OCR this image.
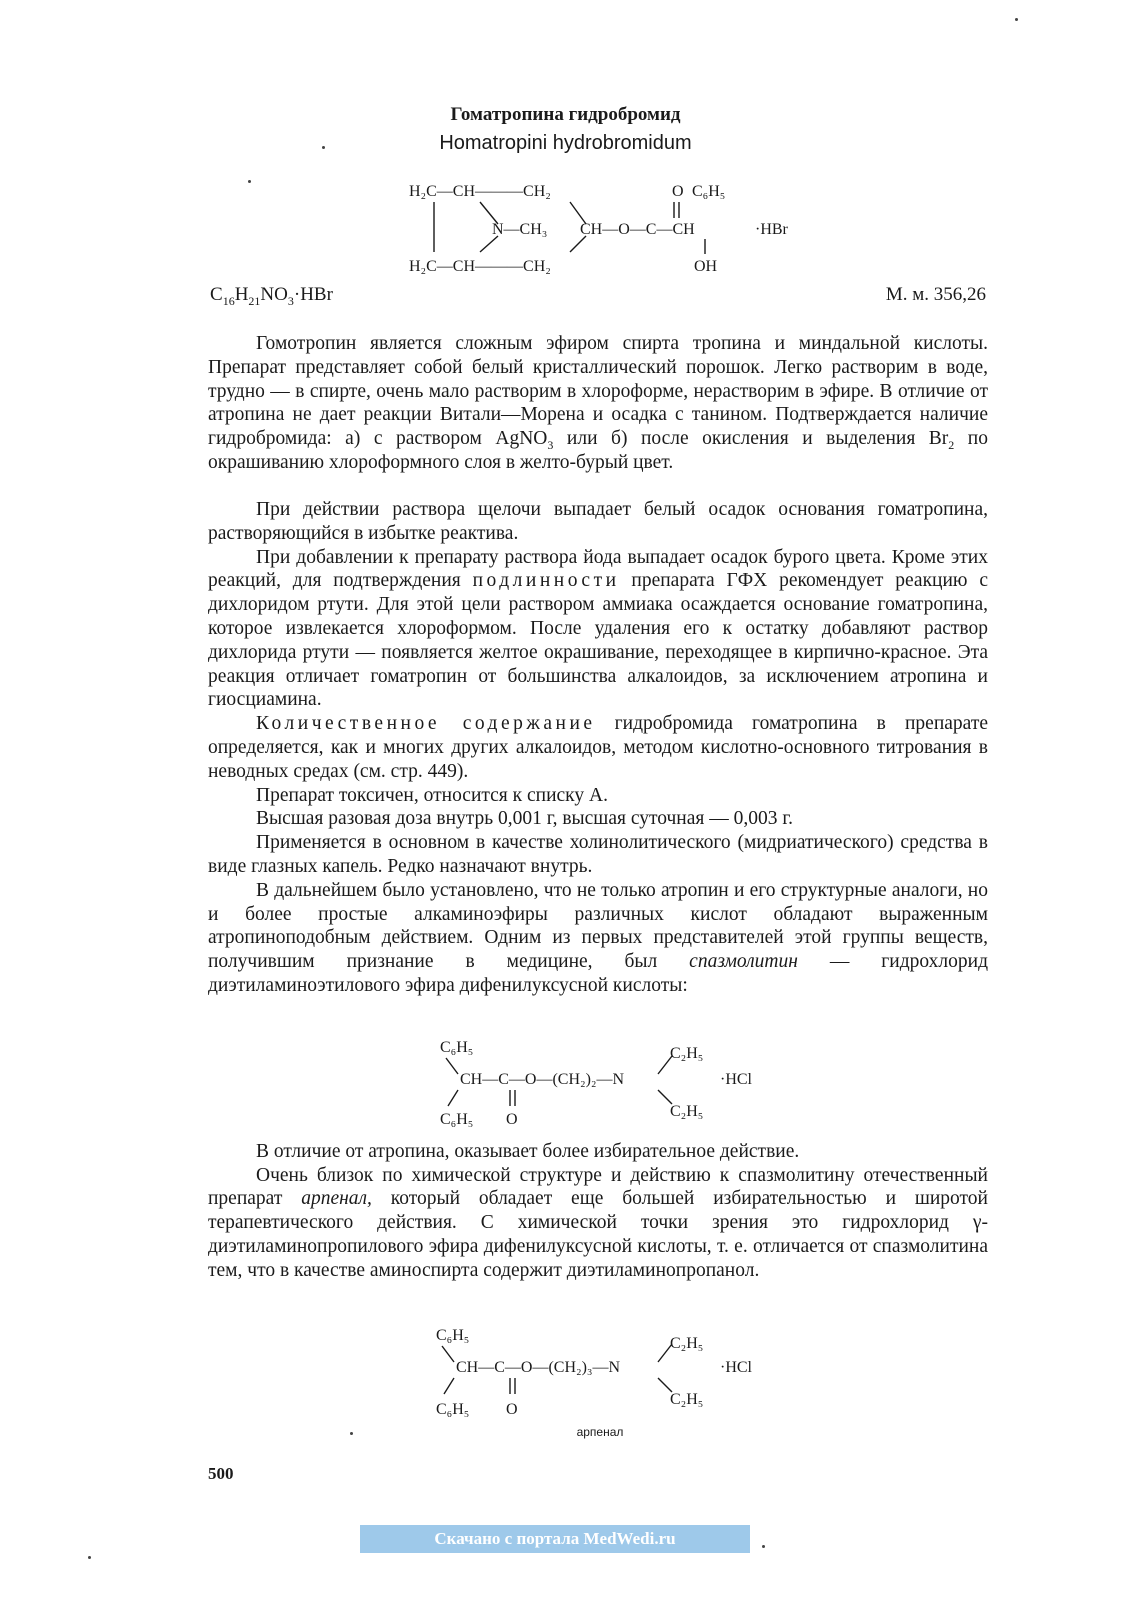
Гоматропина гидробромид
Homatropini hydrobromidum
H₂C—CH———CH₂	O C₆H₅
N—CH₃ CH—O—C—CH	·HBr
H₂C—CH———CH₂	OH
$C_{16}H_{21}NO_3\cdot HBr$	М. м. 356,26

Гомотропин является сложным эфиром спирта тропина и миндальной кислоты. Препарат представляет собой белый кристаллический порошок. Легко растворим в воде, трудно — в спирте, очень мало растворим в хлороформе, нерастворим в эфире. В отличие от атропина не дает реакции Витали—Морена и осадка с танином. Подтверждается наличие гидробромида: а) с раствором AgNO$_3$ или б) после окисления и выделения $Br_2$ по окрашиванию хлороформного слоя в желто-бурый цвет.

При действии раствора щелочи выпадает белый осадок основания гоматропина, растворяющийся в избытке реактива.

При добавлении к препарату раствора йода выпадает осадок бурого цвета. Кроме этих реакций, для подтверждения подлинности препарата ГФХ рекомендует реакцию с дихлоридом ртути. Для этой цели раствором аммиака осаждается основание гоматропина, которое извлекается хлороформом. После удаления его к остатку добавляют раствор дихлорида ртути — появляется желтое окрашивание, переходящее в кирпично-красное. Эта реакция отличает гоматропин от большинства алкалоидов, за исключением атропина и гиосциамина.

Количественное содержание гидробромида гоматропина в препарате определяется, как и многих других алкалоидов, методом кислотно-основного титрования в неводных средах (см. стр. 449).

Препарат токсичен, относится к списку А.

Высшая разовая доза внутрь 0,001 г, высшая суточная — 0,003 г.

Применяется в основном в качестве холинолитического (мидриатического) средства в виде глазных капель. Редко назначают внутрь.

В дальнейшем было установлено, что не только атропин и его структурные аналоги, но и более простые алкаминоэфиры различных кислот обладают выраженным атропиноподобным действием. Одним из первых представителей этой группы веществ, получившим признание в медицине, был спазмолитин — гидрохлорид диэтиламиноэтилового эфира дифенилуксусной кислоты:

В отличие от атропина, оказывает более избирательное действие.

Очень близок по химической структуре и действию к спазмолитину отечественный препарат арпенал, который обладает еще большей избирательностью и широтой терапевтического действия. С химической точки зрения это гидрохлорид γ-диэтиламинопропилового эфира дифенилуксусной кислоты, т. е. отличается от спазмолитина тем, что в качестве аминоспирта содержит диэтиламинопропанол.

C₆H₅
CH—C—O—(CH₂)₂—N
C₆H₅ O
C₂H₅
C₂H₅
·HCl
C₆H₅
CH—C—O—(CH₂)₃—N
C₆H₅ O
C₂H₅
C₂H₅
·HCl
арпенал
500
Скачано с портала MedWedi.ru
